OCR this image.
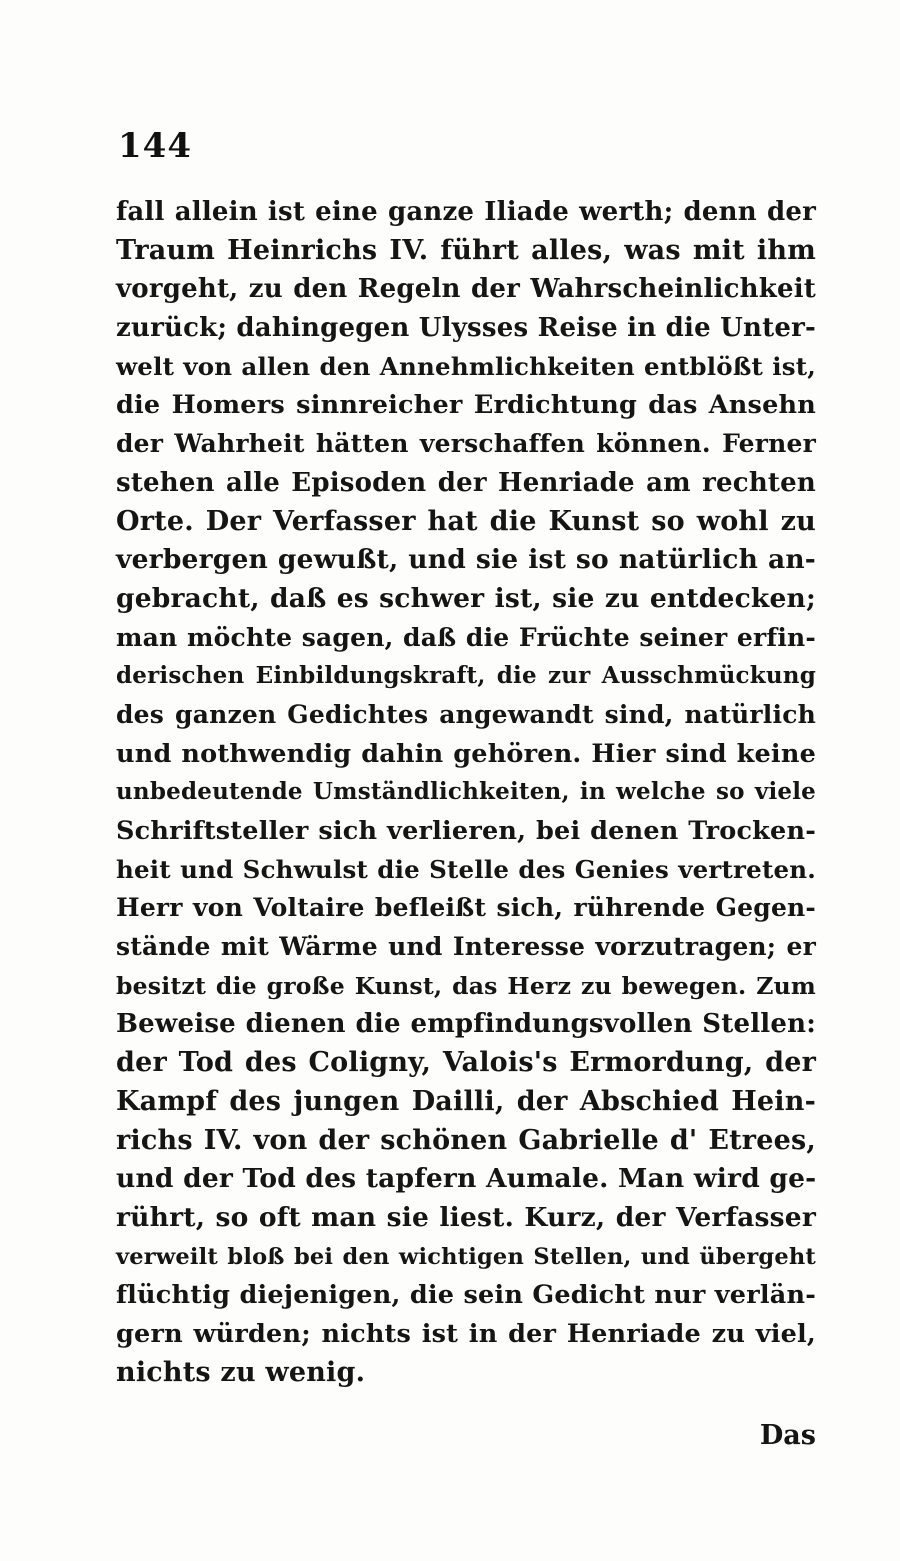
144
fall allein ist eine ganze Iliade werth; denn der
Traum Heinrichs IV. führt alles, was mit ihm
vorgeht, zu den Regeln der Wahrscheinlichkeit
zurück; dahingegen Ulysses Reise in die Unter-
welt von allen den Annehmlichkeiten entblößt ist,
die Homers sinnreicher Erdichtung das Ansehn
der Wahrheit hätten verschaffen können. Ferner
stehen alle Episoden der Henriade am rechten
Orte. Der Verfasser hat die Kunst so wohl zu
verbergen gewußt, und sie ist so natürlich an-
gebracht, daß es schwer ist, sie zu entdecken;
man möchte sagen, daß die Früchte seiner erfin-
derischen Einbildungskraft, die zur Ausschmückung
des ganzen Gedichtes angewandt sind, natürlich
und nothwendig dahin gehören. Hier sind keine
unbedeutende Umständlichkeiten, in welche so viele
Schriftsteller sich verlieren, bei denen Trocken-
heit und Schwulst die Stelle des Genies vertreten.
Herr von Voltaire befleißt sich, rührende Gegen-
stände mit Wärme und Interesse vorzutragen; er
besitzt die große Kunst, das Herz zu bewegen. Zum
Beweise dienen die empfindungsvollen Stellen:
der Tod des Coligny, Valois's Ermordung, der
Kampf des jungen Dailli, der Abschied Hein-
richs IV. von der schönen Gabrielle d' Etrees,
und der Tod des tapfern Aumale. Man wird ge-
rührt, so oft man sie liest. Kurz, der Verfasser
verweilt bloß bei den wichtigen Stellen, und übergeht
flüchtig diejenigen, die sein Gedicht nur verlän-
gern würden; nichts ist in der Henriade zu viel,
nichts zu wenig.
Das
